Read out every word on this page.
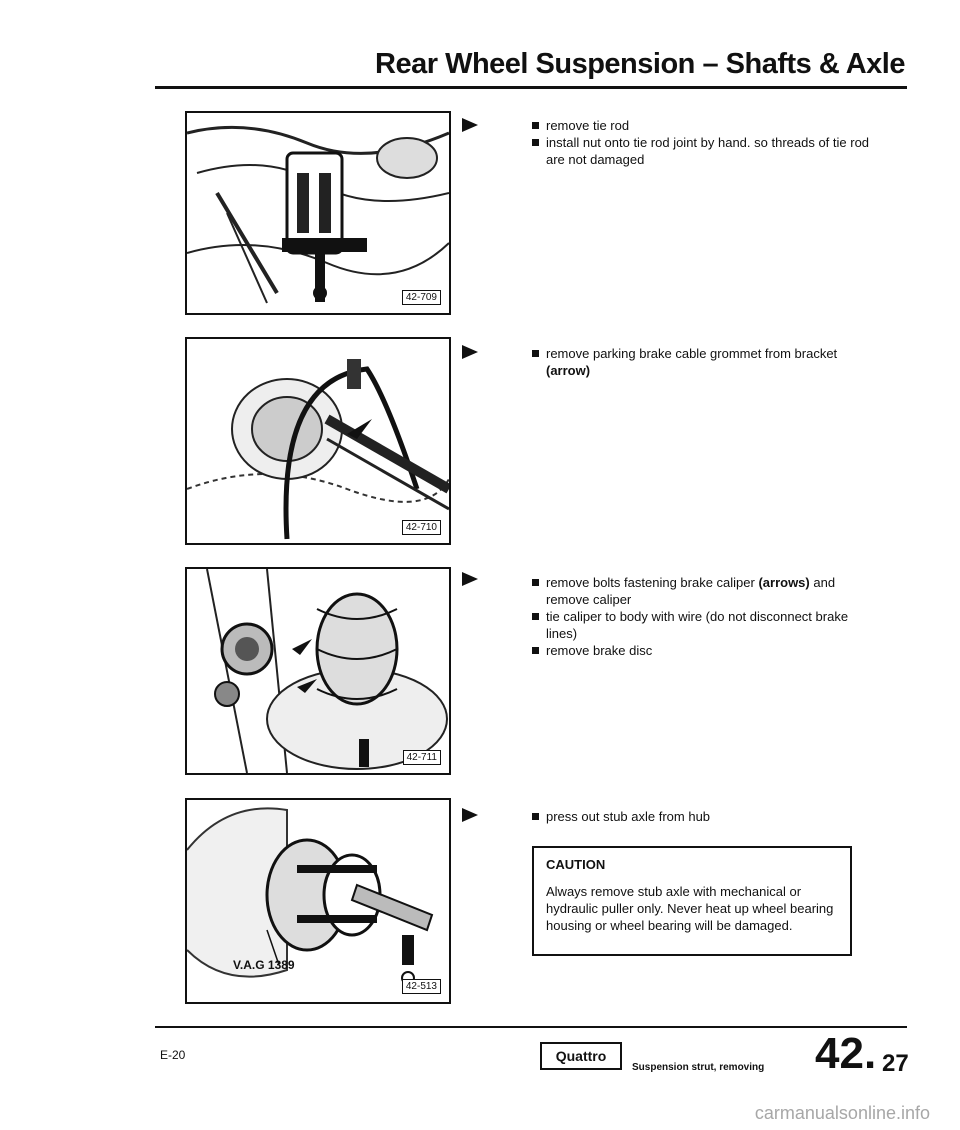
Rear Wheel Suspension – Shafts & Axle
42-709
42-710
42-711
V.A.G 1389
42-513
remove tie rod
install nut onto tie rod joint by hand. so threads of tie rod are not damaged
remove parking brake cable grommet from bracket (arrow)
remove bolts fastening brake caliper (arrows) and remove caliper
tie caliper to body with wire (do not disconnect brake lines)
remove brake disc
press out stub axle from hub
CAUTION
Always remove stub axle with mechanical or hydraulic puller only. Never heat up wheel bearing housing or wheel bearing will be damaged.
E-20	Quattro
Suspension strut, removing 42. 27
carmanualsonline.info
